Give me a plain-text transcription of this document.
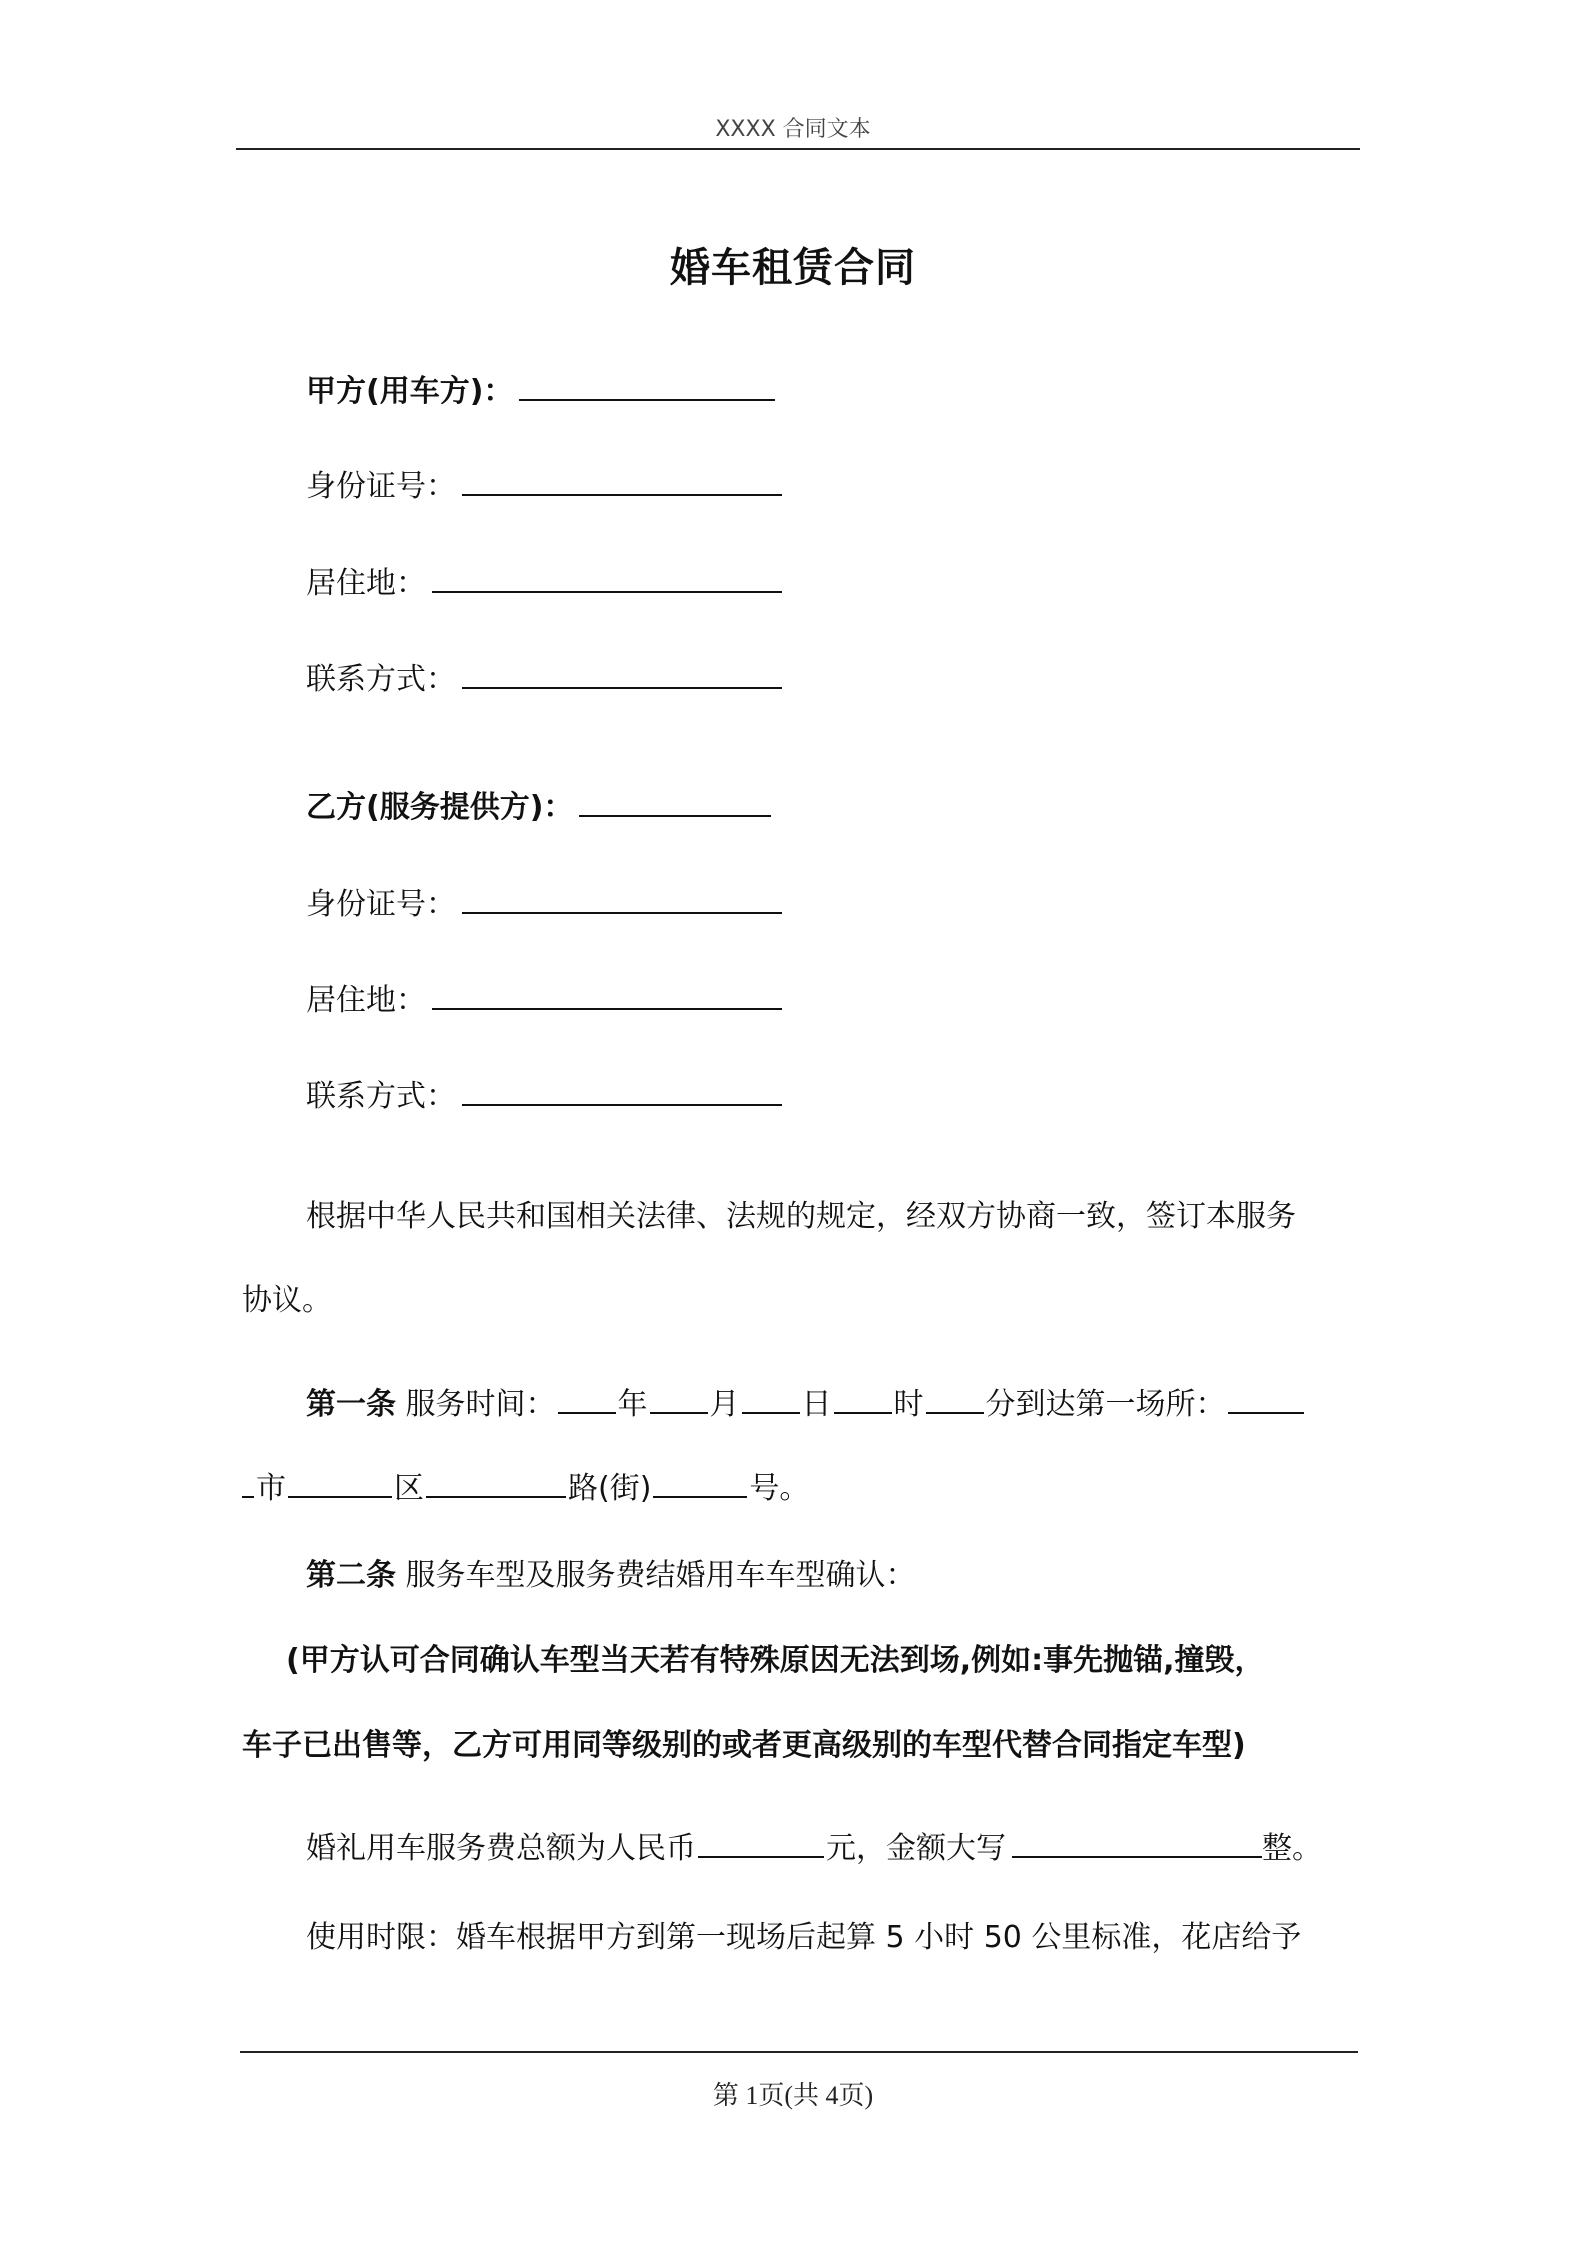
XXXX 合同文本
婚车租赁合同
甲方(用车方)：
身份证号：
居住地：
联系方式：
乙方(服务提供方)：
身份证号：
居住地：
联系方式：
根据中华人民共和国相关法律、法规的规定，经双方协商一致，签订本服务
协议。
第一条 服务时间： 年 月 日 时 分到达第一场所：
市	区	路(街)	号。
第二条 服务车型及服务费结婚用车车型确认：
(甲方认可合同确认车型当天若有特殊原因无法到场,例如:事先抛锚,撞毁，
车子已出售等，乙方可用同等级别的或者更高级别的车型代替合同指定车型)
婚礼用车服务费总额为人民币	元，金额大写	整。
使用时限：婚车根据甲方到第一现场后起算 5 小时 50 公里标准，花店给予
第 1页(共 4页)
